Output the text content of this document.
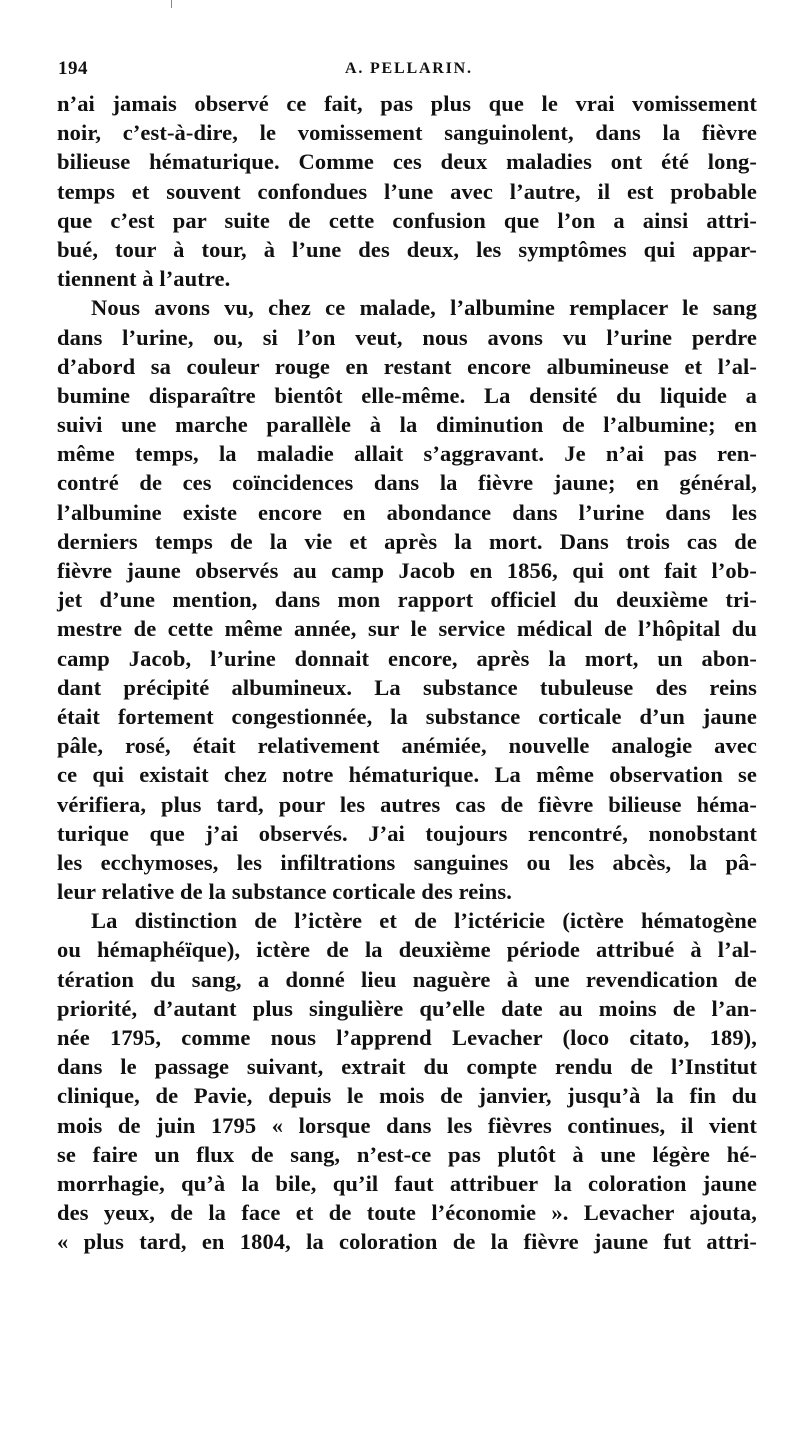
194	A. PELLARIN.
n’ai jamais observé ce fait, pas plus que le vrai vomissement
noir, c’est-à-dire, le vomissement sanguinolent, dans la fièvre
bilieuse hématurique. Comme ces deux maladies ont été long-
temps et souvent confondues l’une avec l’autre, il est probable
que c’est par suite de cette confusion que l’on a ainsi attri-
bué, tour à tour, à l’une des deux, les symptômes qui appar-
tiennent à l’autre.
Nous avons vu, chez ce malade, l’albumine remplacer le sang
dans l’urine, ou, si l’on veut, nous avons vu l’urine perdre
d’abord sa couleur rouge en restant encore albumineuse et l’al-
bumine disparaître bientôt elle-même. La densité du liquide a
suivi une marche parallèle à la diminution de l’albumine; en
même temps, la maladie allait s’aggravant. Je n’ai pas ren-
contré de ces coïncidences dans la fièvre jaune; en général,
l’albumine existe encore en abondance dans l’urine dans les
derniers temps de la vie et après la mort. Dans trois cas de
fièvre jaune observés au camp Jacob en 1856, qui ont fait l’ob-
jet d’une mention, dans mon rapport officiel du deuxième tri-
mestre de cette même année, sur le service médical de l’hôpital du
camp Jacob, l’urine donnait encore, après la mort, un abon-
dant précipité albumineux. La substance tubuleuse des reins
était fortement congestionnée, la substance corticale d’un jaune
pâle, rosé, était relativement anémiée, nouvelle analogie avec
ce qui existait chez notre hématurique. La même observation se
vérifiera, plus tard, pour les autres cas de fièvre bilieuse héma-
turique que j’ai observés. J’ai toujours rencontré, nonobstant
les ecchymoses, les infiltrations sanguines ou les abcès, la pâ-
leur relative de la substance corticale des reins.
La distinction de l’ictère et de l’ictéricie (ictère hématogène
ou hémaphéïque), ictère de la deuxième période attribué à l’al-
tération du sang, a donné lieu naguère à une revendication de
priorité, d’autant plus singulière qu’elle date au moins de l’an-
née 1795, comme nous l’apprend Levacher (loco citato, 189),
dans le passage suivant, extrait du compte rendu de l’Institut
clinique, de Pavie, depuis le mois de janvier, jusqu’à la fin du
mois de juin 1795 « lorsque dans les fièvres continues, il vient
se faire un flux de sang, n’est-ce pas plutôt à une légère hé-
morrhagie, qu’à la bile, qu’il faut attribuer la coloration jaune
des yeux, de la face et de toute l’économie ». Levacher ajouta,
« plus tard, en 1804, la coloration de la fièvre jaune fut attri-
